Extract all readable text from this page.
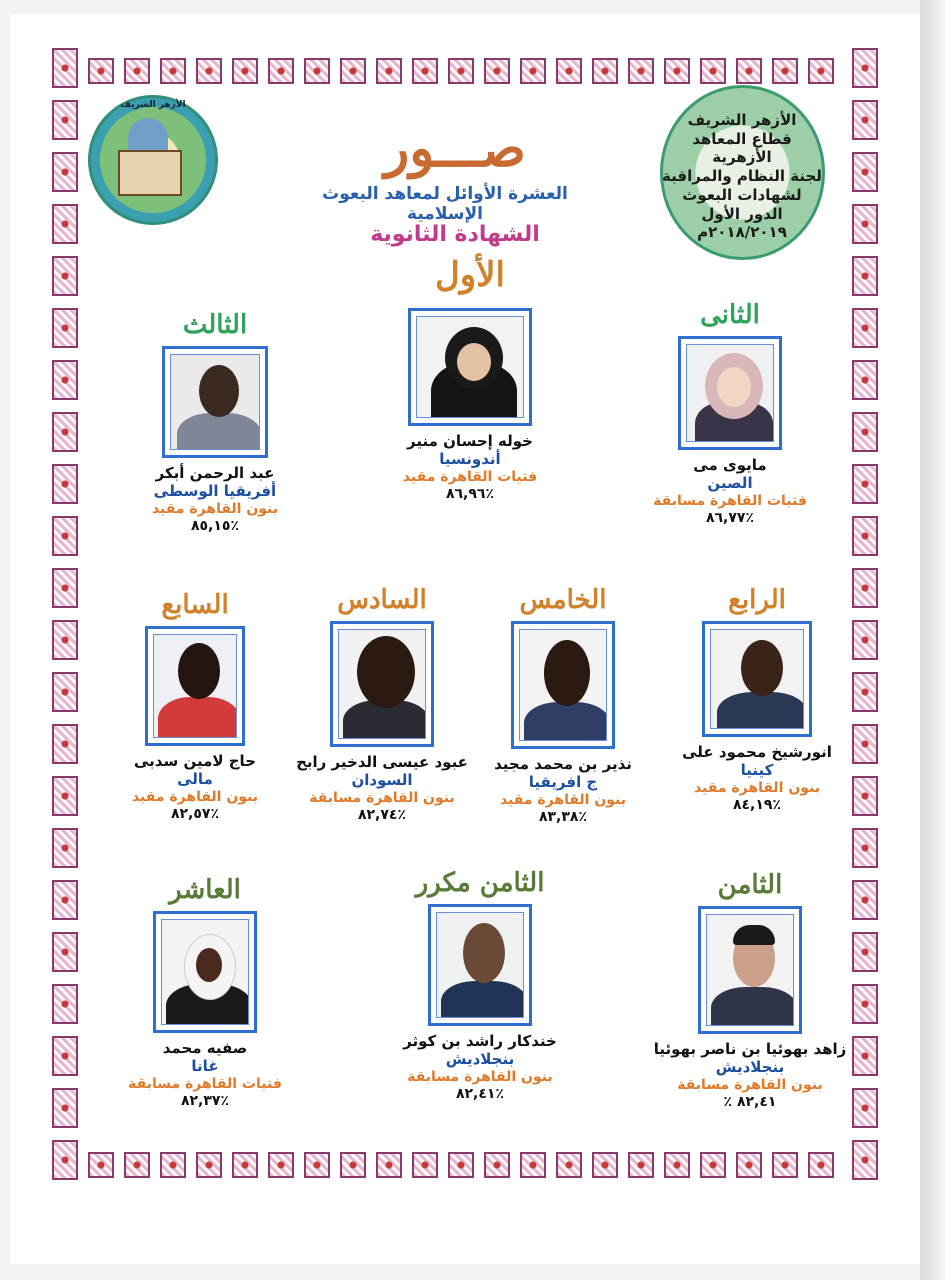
الأزهر الشريف
الأزهر الشريف
قطاع المعاهد الأزهرية
لجنة النظام والمراقبة
لشهادات البعوث
الدور الأول ٢٠١٨/٢٠١٩م
صـــور
العشرة الأوائل لمعاهد البعوث الإسلامية
الشهادة الثانوية
الأول
خوله إحسان منير
أندونسيا
فتيات القاهرة مقيد
٨٦,٩٦٪
الثانى
مايوى مى
الصين
فتيات القاهرة مسابقة
٨٦,٧٧٪
الثالث
عبد الرحمن أبكر
أفريقيا الوسطى
بنون القاهرة مقيد
٨٥,١٥٪
الرابع
انورشيخ محمود على
كينيا
بنون القاهرة مقيد
٨٤,١٩٪
الخامس
نذير بن محمد مجيد
ج افريقيا
بنون القاهرة مقيد
٨٣,٣٨٪
السادس
عبود عيسى الدخير رابح
السودان
بنون القاهرة مسابقة
٨٢,٧٤٪
السابع
حاج لامين سدبى
مالى
بنون القاهرة مقيد
٨٢,٥٧٪
الثامن
زاهد بهوئيا بن ناصر بهوئيا
بنجلاديش
بنون القاهرة مسابقة
٪ ٨٢,٤١
الثامن مكرر
خندكار راشد بن كوثر
بنجلاديش
بنون القاهرة مسابقة
٨٢,٤١٪
العاشر
صفيه محمد
غانا
فتيات القاهرة مسابقة
٨٢,٣٧٪
